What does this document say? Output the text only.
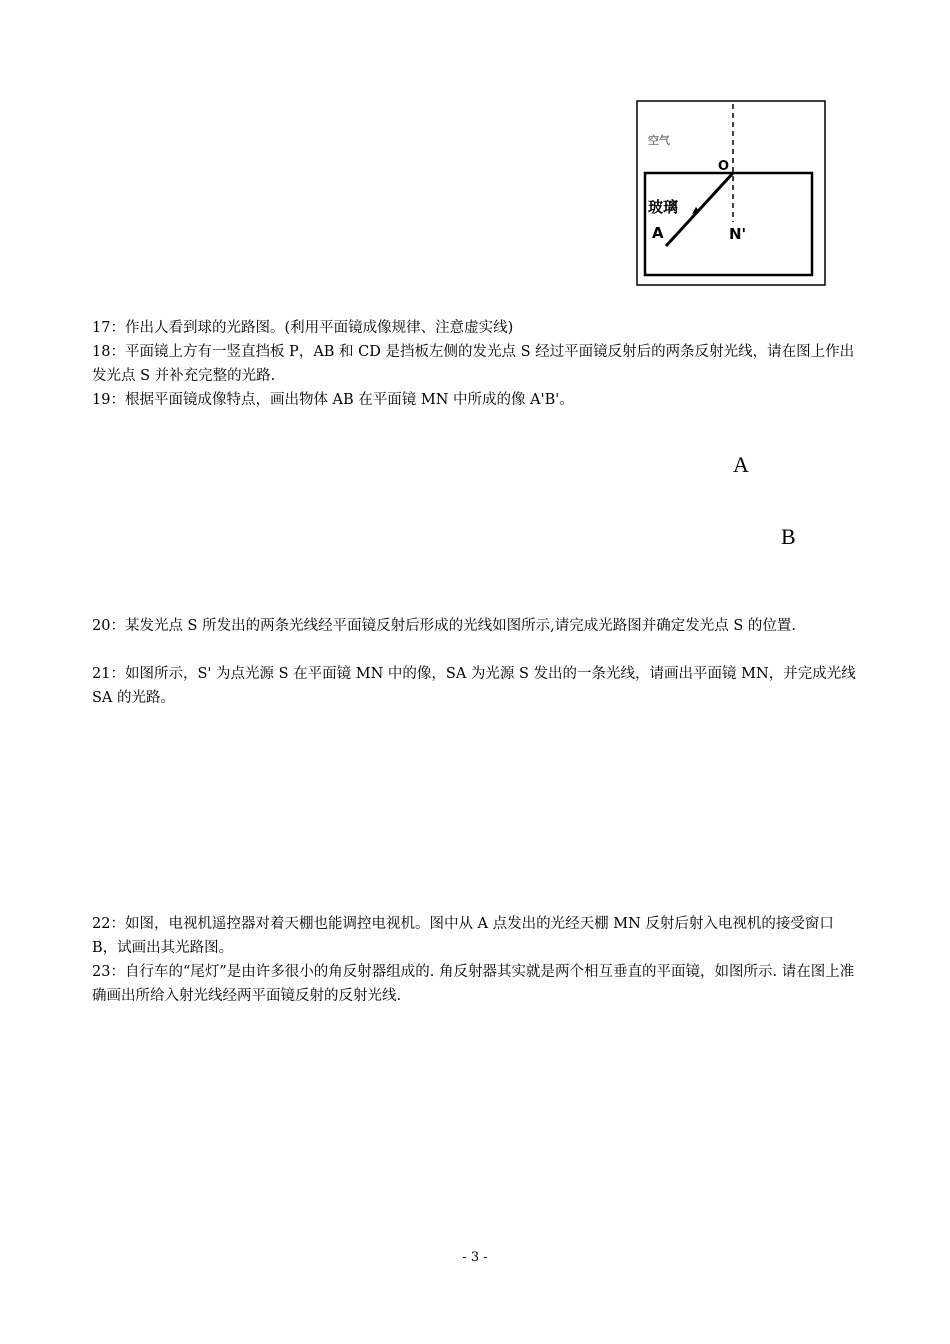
O
玻璃
A	N'
空气
17：作出人看到球的光路图。(利用平面镜成像规律、注意虚实线)
18：平面镜上方有一竖直挡板 P，AB 和 CD 是挡板左侧的发光点 S 经过平面镜反射后的两条反射光线，请在图上作出发光点 S 并补充完整的光路.
19：根据平面镜成像特点，画出物体 AB 在平面镜 MN 中所成的像 A'B'。
A
B
20：某发光点 S 所发出的两条光线经平面镜反射后形成的光线如图所示,请完成光路图并确定发光点 S 的位置.
21：如图所示，S' 为点光源 S 在平面镜 MN 中的像，SA 为光源 S 发出的一条光线，请画出平面镜 MN，并完成光线 SA 的光路。
22：如图，电视机遥控器对着天棚也能调控电视机。图中从 A 点发出的光经天棚 MN 反射后射入电视机的接受窗口 B，试画出其光路图。
23：自行车的“尾灯”是由许多很小的角反射器组成的. 角反射器其实就是两个相互垂直的平面镜，如图所示. 请在图上准确画出所给入射光线经两平面镜反射的反射光线.
- 3 -
